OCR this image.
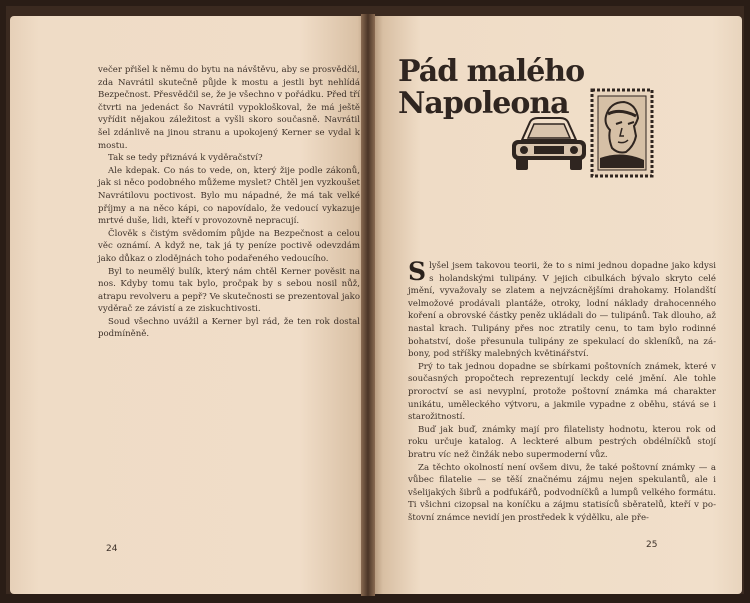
večer přišel k němu do bytu na návštěvu, aby se prosvědčil, zda Navrátil skutečně půjde k mostu a jestli byt nehlídá Bezpečnost. Přesvědčil se, že je všechno v pořádku. Před tří čtvrti na jedenáct šo Navrátil vypokloškoval, že má ještě vyřídit nějakou záležitost a vyšli skoro současně. Navrátil šel zdánlivě na jinou stranu a upokojený Kerner se vydal k mostu.

Tak se tedy přiznává k vyděračství?

Ale kdepak. Co nás to vede, on, který žije podle zákonů, jak si něco podobného můžeme myslet? Chtěl jen vyzkoušet Navrátilovu poctivost. Bylo mu nápadné, že má tak velké příjmy a na něco kápi, co napovídalo, že vedoucí vykazuje mrtvé duše, lidi, kteří v provozovně nepracují.

Člověk s čistým svědomím půjde na Bezpečnost a celou věc oznámí. A když ne, tak já ty peníze poctivě odevzdám jako důkaz o zlodějnách toho podařeného vedoucího.

Byl to neumělý bulík, který nám chtěl Kerner pověsit na nos. Kdyby tomu tak bylo, pročpak by s sebou nosil nůž, atrapu revolveru a pepř? Ve skutečnosti se prezentoval jako vyděrač ze závistí a ze ziskuchtivosti.

Soud všechno uvážil a Kerner byl rád, že ten rok dostal podmíněně.

24
Pád malého
Napoleona

Slyšel jsem takovou teorii, že to s nimi jednou dopadne jako kdysi s holandskými tulipány. V jejich cibulkách bývalo skryto celé jmění, vyvažovaly se zlatem a nejvzácnějšími drahokamy. Holandští velmožové prodávali plantáže, otroky, lodní náklady drahocenného koření a obrovské částky peněz ukládali do — tulipánů. Tak dlouho, až nastal krach. Tulipány přes noc ztratily cenu, to tam bylo rodinné bohatství, doše přesunula tulipány ze spekulací do skleníků, na zábony, pod stříšky malebných květinářství.

Prý to tak jednou dopadne se sbírkami poštovních známek, které v současných propočtech reprezentují leckdy celé jmění. Ale tohle proroctví se asi nevyplní, protože poštovní známka má charakter unikátu, uměleckého výtvoru, a jakmile vypadne z oběhu, stává se i starožitností.

Buď jak buď, známky mají pro filatelisty hodnotu, kterou rok od roku určuje katalog. A leckteré album pestrých obdélníčků stojí bratru víc než činžák nebo supermoderní vůz.

Za těchto okolností není ovšem divu, že také poštovní známky — a vůbec filatelie — se těší značnému zájmu nejen spekulantů, ale i všelijakých šibrů a podfukářů, podvodníčků a lumpů velkého formátu. Ti všichni cizopsal na koníčku a zájmu statisíců sběratelů, kteří v poštovní známce nevidí jen prostředek k výdělku, ale pře-

25
